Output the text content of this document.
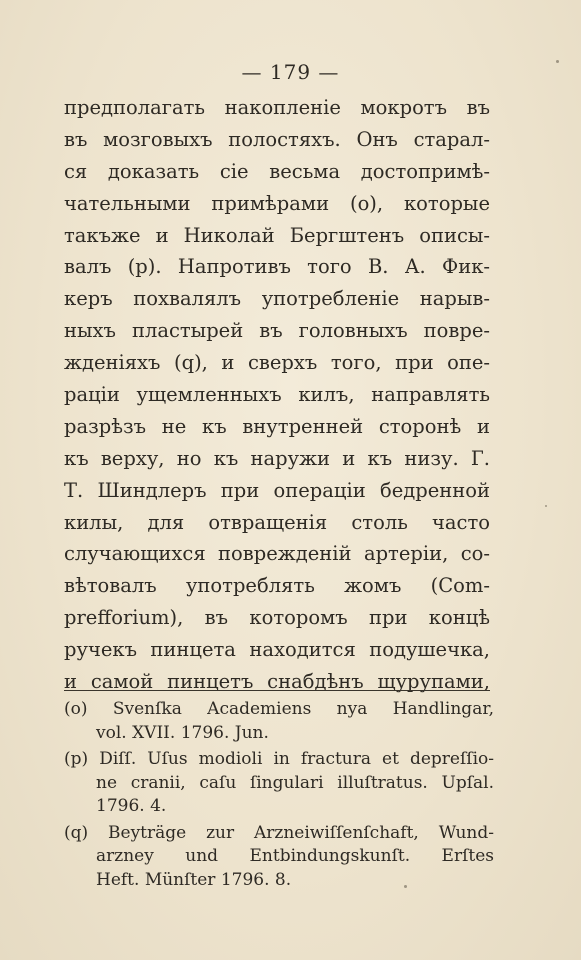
— 179 —
предполагать накопленіе мокротъ въ
въ мозговыхъ полостяхъ. Онъ старал-
ся доказать сіе весьма достопримѣ-
чательными примѣрами (о), которые
такъже и Николай Бергштенъ описы-
валъ (р). Напротивъ того В. А. Фик-
керъ похвалялъ употребленіе нарыв-
ныхъ пластырей въ головныхъ повре-
жденіяхъ (q), и сверхъ того, при опе-
раціи ущемленныхъ килъ, направлять
разрѣзъ не къ внутренней сторонѣ и
къ верху, но къ наружи и къ низу. Г.
Т. Шиндлеръ при операціи бедренной
килы, для отвращенія столь часто
случающихся поврежденій артеріи, со-
вѣтовалъ употреблять жомъ (Com-
prefforium), въ которомъ при концѣ
ручекъ пинцета находится подушечка,
и самой пинцетъ снабдѣнъ щурупами,
(о) Svenſka Academiens nya Handlingar,
vol. XVII. 1796. Jun.
(р) Diſſ. Uſus modioli in fractura et depreſſio-
ne cranii, caſu ſingulari illuſtratus. Upſal.
1796. 4.
(q) Beyträge zur Arzneiwiſſenſchaft, Wund-
arzney und Entbindungskunſt. Erſtes
Heft. Münſter 1796. 8.
